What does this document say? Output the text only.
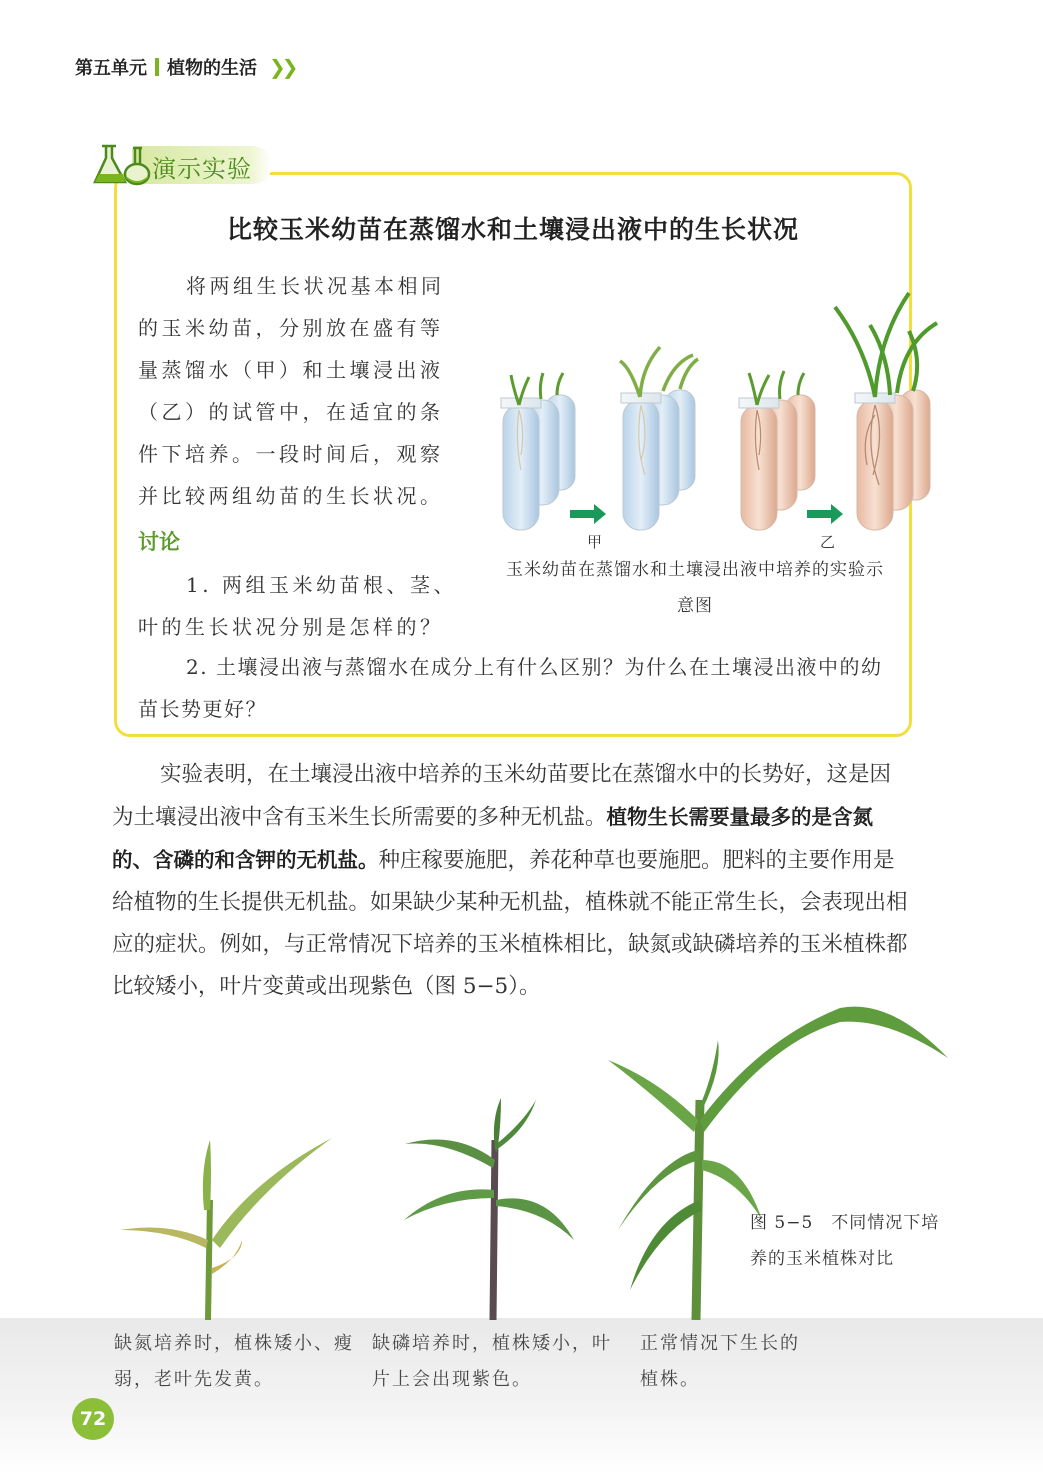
第五单元 植物的生活 ❯❯
演示实验
比较玉米幼苗在蒸馏水和土壤浸出液中的生长状况
将两组生长状况基本相同的玉米幼苗，分别放在盛有等量蒸馏水（甲）和土壤浸出液（乙）的试管中，在适宜的条件下培养。一段时间后，观察并比较两组幼苗的生长状况。
讨论
1. 两组玉米幼苗根、茎、叶的生长状况分别是怎样的？
2. 土壤浸出液与蒸馏水在成分上有什么区别？为什么在土壤浸出液中的幼苗长势更好？
甲	乙
玉米幼苗在蒸馏水和土壤浸出液中培养的实验示意图

实验表明，在土壤浸出液中培养的玉米幼苗要比在蒸馏水中的长势好，这是因为土壤浸出液中含有玉米生长所需要的多种无机盐。植物生长需要量最多的是含氮的、含磷的和含钾的无机盐。种庄稼要施肥，养花种草也要施肥。肥料的主要作用是给植物的生长提供无机盐。如果缺少某种无机盐，植株就不能正常生长，会表现出相应的症状。例如，与正常情况下培养的玉米植株相比，缺氮或缺磷培养的玉米植株都比较矮小，叶片变黄或出现紫色（图 5−5）。

图 5−5　不同情况下培养的玉米植株对比
缺氮培养时，植株矮小、瘦弱，老叶先发黄。
缺磷培养时，植株矮小，叶片上会出现紫色。
正常情况下生长的植株。
72
